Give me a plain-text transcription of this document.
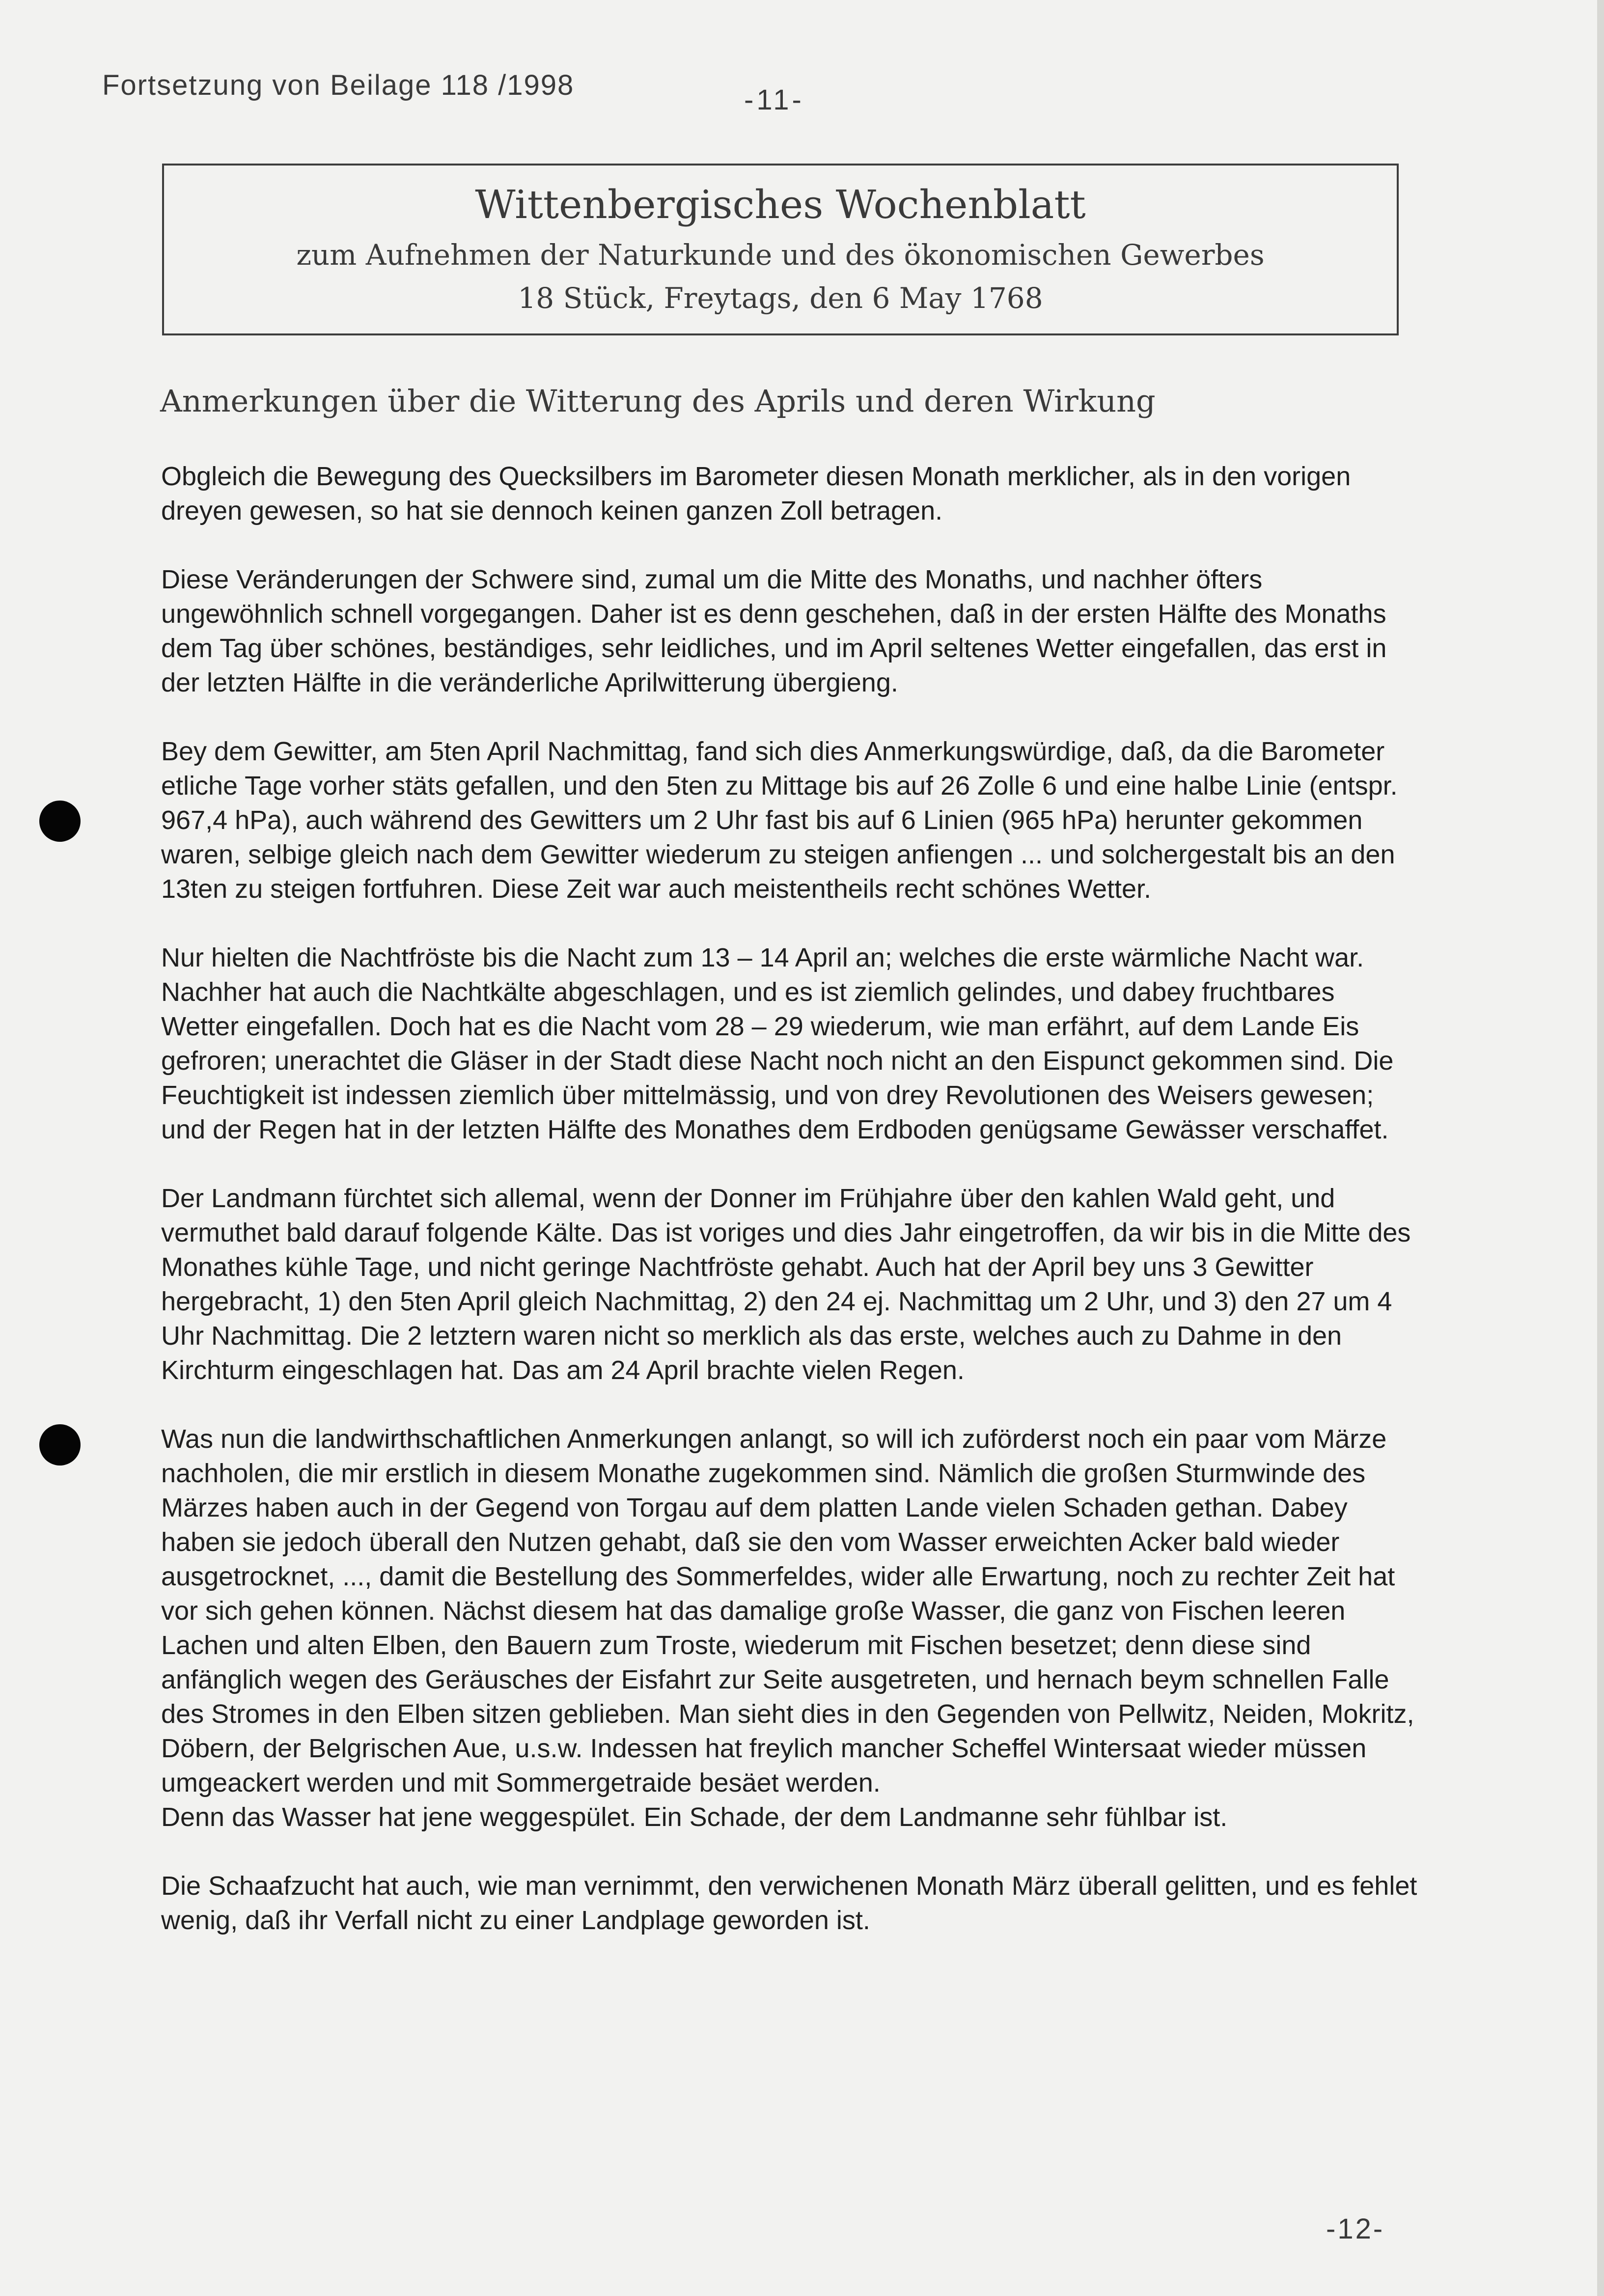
Fortsetzung von Beilage 118 /1998	-11-
Wittenbergisches Wochenblatt
zum Aufnehmen der Naturkunde und des ökonomischen Gewerbes
18 Stück, Freytags, den 6 May 1768
Anmerkungen über die Witterung des Aprils und deren Wirkung

Obgleich die Bewegung des Quecksilbers im Barometer diesen Monath merklicher, als in den vorigen dreyen gewesen, so hat sie dennoch keinen ganzen Zoll betragen.

Diese Veränderungen der Schwere sind, zumal um die Mitte des Monaths, und nachher öfters ungewöhnlich schnell vorgegangen. Daher ist es denn geschehen, daß in der ersten Hälfte des Monaths dem Tag über schönes, beständiges, sehr leidliches, und im April seltenes Wetter eingefallen, das erst in der letzten Hälfte in die veränderliche Aprilwitterung übergieng.

Bey dem Gewitter, am 5ten April Nachmittag, fand sich dies Anmerkungswürdige, daß, da die Barometer etliche Tage vorher stäts gefallen, und den 5ten zu Mittage bis auf 26 Zolle 6 und eine halbe Linie (entspr. 967,4 hPa), auch während des Gewitters um 2 Uhr fast bis auf 6 Linien (965 hPa) herunter gekommen waren, selbige gleich nach dem Gewitter wiederum zu steigen anfiengen ... und solchergestalt bis an den 13ten zu steigen fortfuhren. Diese Zeit war auch meistentheils recht schönes Wetter.

Nur hielten die Nachtfröste bis die Nacht zum 13 – 14 April an; welches die erste wärmliche Nacht war. Nachher hat auch die Nachtkälte abgeschlagen, und es ist ziemlich gelindes, und dabey fruchtbares Wetter eingefallen. Doch hat es die Nacht vom 28 – 29 wiederum, wie man erfährt, auf dem Lande Eis gefroren; unerachtet die Gläser in der Stadt diese Nacht noch nicht an den Eispunct gekommen sind. Die Feuchtigkeit ist indessen ziemlich über mittelmässig, und von drey Revolutionen des Weisers gewesen; und der Regen hat in der letzten Hälfte des Monathes dem Erdboden genügsame Gewässer verschaffet.

Der Landmann fürchtet sich allemal, wenn der Donner im Frühjahre über den kahlen Wald geht, und vermuthet bald darauf folgende Kälte. Das ist voriges und dies Jahr eingetroffen, da wir bis in die Mitte des Monathes kühle Tage, und nicht geringe Nachtfröste gehabt. Auch hat der April bey uns 3 Gewitter hergebracht, 1) den 5ten April gleich Nachmittag, 2) den 24 ej. Nachmittag um 2 Uhr, und 3) den 27 um 4 Uhr Nachmittag. Die 2 letztern waren nicht so merklich als das erste, welches auch zu Dahme in den Kirchturm eingeschlagen hat. Das am 24 April brachte vielen Regen.

Was nun die landwirthschaftlichen Anmerkungen anlangt, so will ich zuförderst noch ein paar vom Märze nachholen, die mir erstlich in diesem Monathe zugekommen sind. Nämlich die großen Sturmwinde des Märzes haben auch in der Gegend von Torgau auf dem platten Lande vielen Schaden gethan. Dabey haben sie jedoch überall den Nutzen gehabt, daß sie den vom Wasser erweichten Acker bald wieder ausgetrocknet, ..., damit die Bestellung des Sommerfeldes, wider alle Erwartung, noch zu rechter Zeit hat vor sich gehen können. Nächst diesem hat das damalige große Wasser, die ganz von Fischen leeren Lachen und alten Elben, den Bauern zum Troste, wiederum mit Fischen besetzet; denn diese sind anfänglich wegen des Geräusches der Eisfahrt zur Seite ausgetreten, und hernach beym schnellen Falle des Stromes in den Elben sitzen geblieben. Man sieht dies in den Gegenden von Pellwitz, Neiden, Mokritz, Döbern, der Belgrischen Aue, u.s.w. Indessen hat freylich mancher Scheffel Wintersaat wieder müssen umgeackert werden und mit Sommergetraide besäet werden.

Denn das Wasser hat jene weggespület. Ein Schade, der dem Landmanne sehr fühlbar ist.

Die Schaafzucht hat auch, wie man vernimmt, den verwichenen Monath März überall gelitten, und es fehlet wenig, daß ihr Verfall nicht zu einer Landplage geworden ist.

-12-
